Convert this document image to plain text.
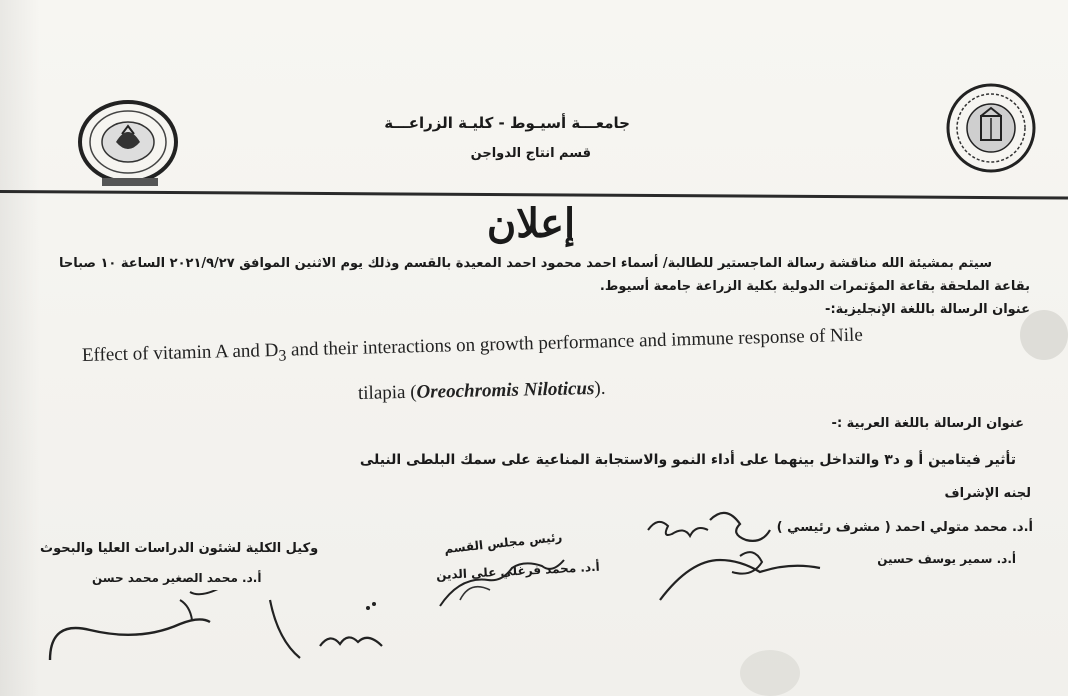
جامعـــة أسيـوط - كليـة الزراعـــة
قسم انتاج الدواجن
إعلان
سيتم بمشيئة الله مناقشة رسالة الماجستير للطالبة/ أسماء احمد محمود احمد المعيدة بالقسم وذلك يوم الاثنين الموافق ٢٠٢١/٩/٢٧ الساعة ١٠ صباحا
بقاعة الملحقة بقاعة المؤتمرات الدولية بكلية الزراعة جامعة أسيوط.
عنوان الرسالة باللغة الإنجليزية:-
Effect of vitamin A and $D_3$ and their interactions on growth performance and immune response of Nile
tilapia (Oreochromis Niloticus).
عنوان الرسالة باللغة العربية :-
تأثير فيتامين أ و د٣ والتداخل بينهما على أداء النمو والاستجابة المناعية على سمك البلطى النيلى
لجنه الإشراف
أ.د. محمد متولي احمد ( مشرف رئيسي )
أ.د. سمير يوسف حسين
رئيس مجلس القسم
أ.د. محمد فرغلي علي الدين
وكيل الكلية لشئون الدراسات العليا والبحوث
أ.د. محمد الصغير محمد حسن
